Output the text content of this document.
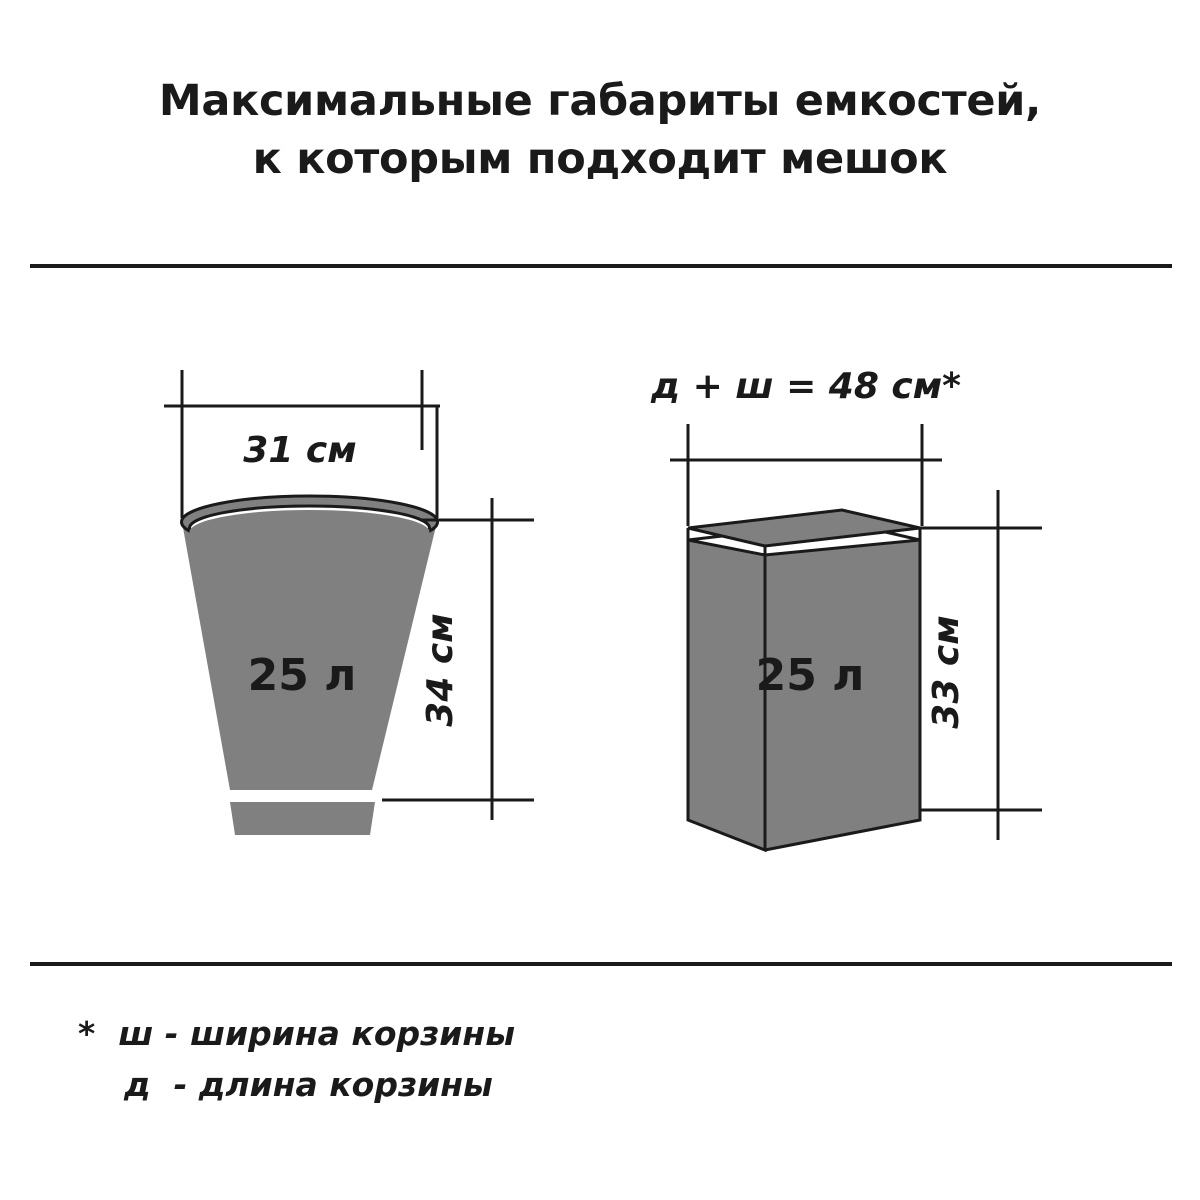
Максимальные габариты емкостей,
к которым подходит мешок
31 см
34 см
25 л
д + ш = 48 см*
33 см
25 л
*  ш - ширина корзины
д  - длина корзины
